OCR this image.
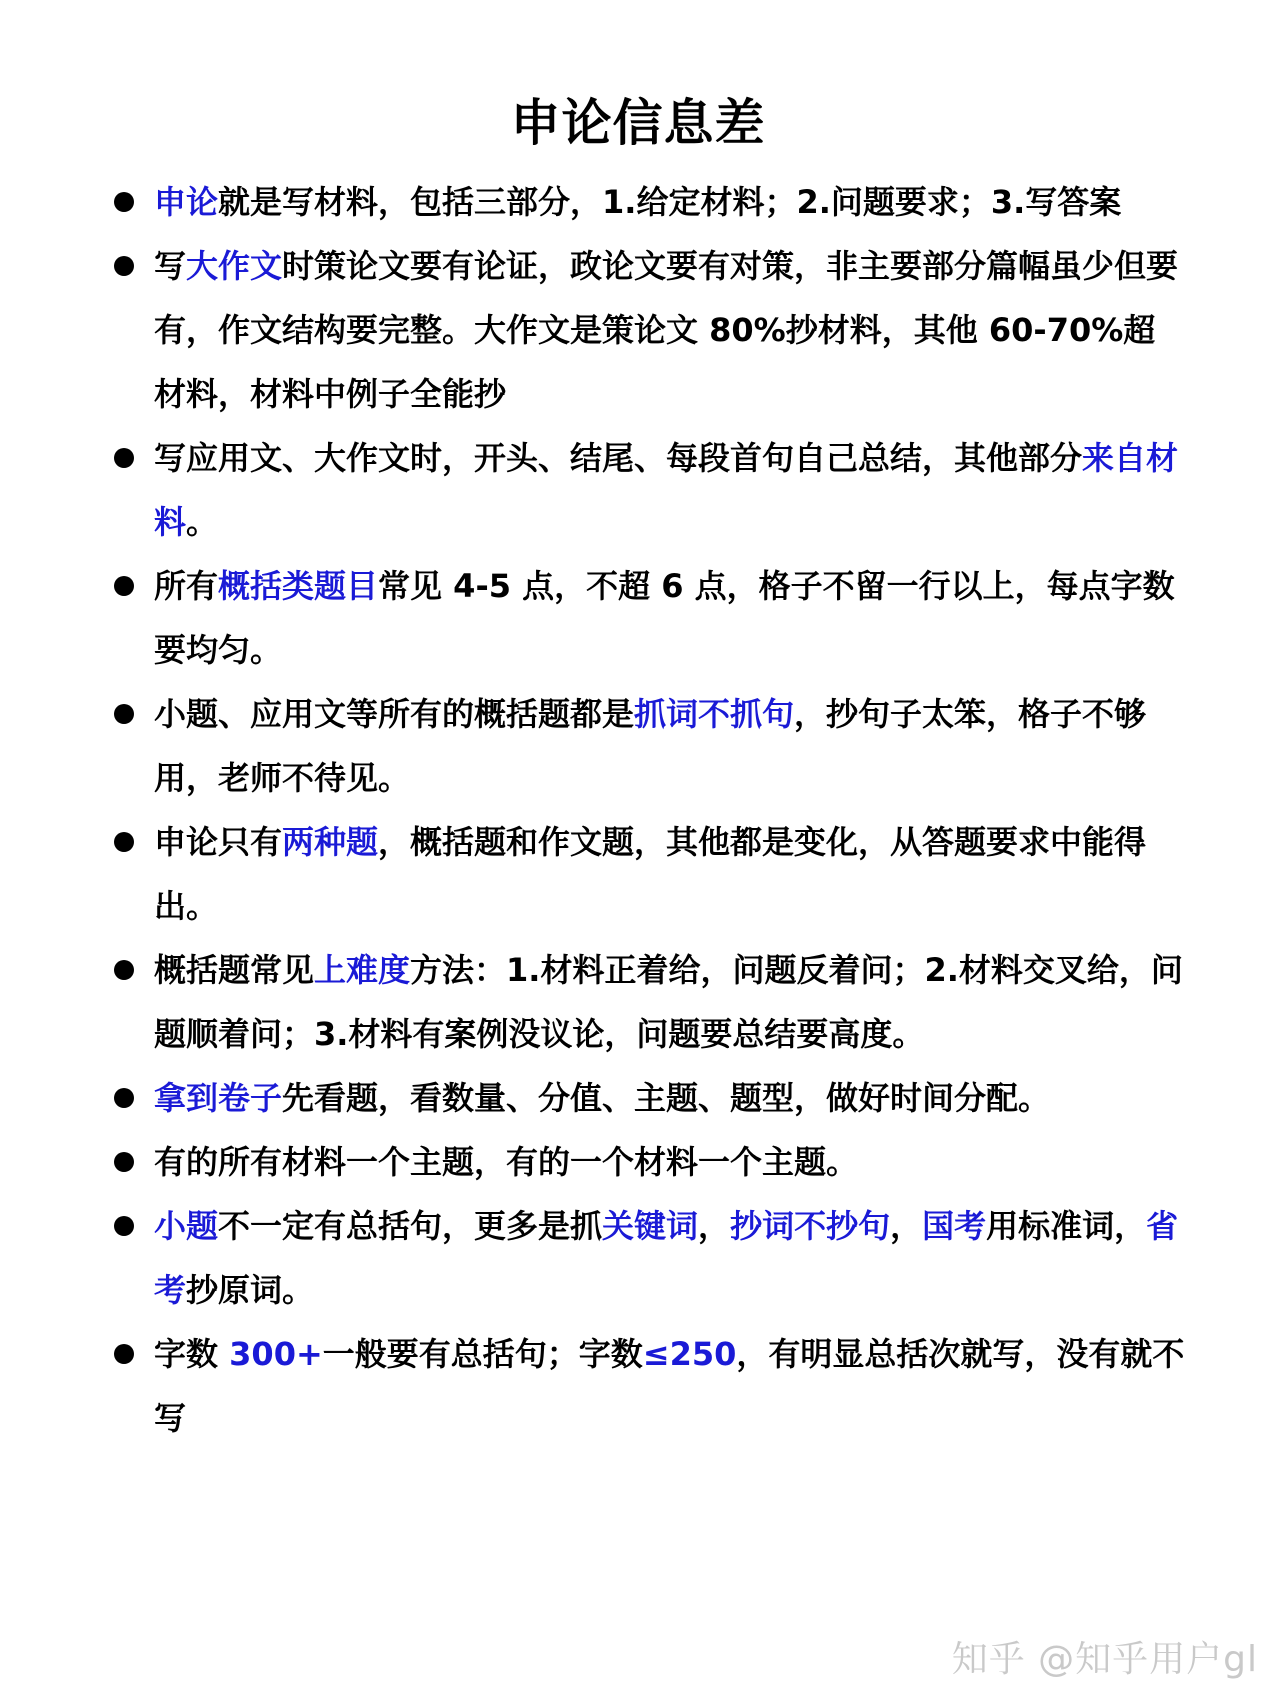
申论信息差
申论就是写材料，包括三部分，1.给定材料；2.问题要求；3.写答案
写大作文时策论文要有论证，政论文要有对策，非主要部分篇幅虽少但要有，作文结构要完整。大作文是策论文 80%抄材料，其他 60-70%超材料，材料中例子全能抄
写应用文、大作文时，开头、结尾、每段首句自己总结，其他部分来自材料。
所有概括类题目常见 4-5 点，不超 6 点，格子不留一行以上，每点字数要均匀。
小题、应用文等所有的概括题都是抓词不抓句，抄句子太笨，格子不够用，老师不待见。
申论只有两种题，概括题和作文题，其他都是变化，从答题要求中能得出。
概括题常见上难度方法：1.材料正着给，问题反着问；2.材料交叉给，问题顺着问；3.材料有案例没议论，问题要总结要高度。
拿到卷子先看题，看数量、分值、主题、题型，做好时间分配。
有的所有材料一个主题，有的一个材料一个主题。
小题不一定有总括句，更多是抓关键词，抄词不抄句，国考用标准词，省考抄原词。
字数 300+一般要有总括句；字数≤250，有明显总括次就写，没有就不写
知乎 @知乎用户gl
